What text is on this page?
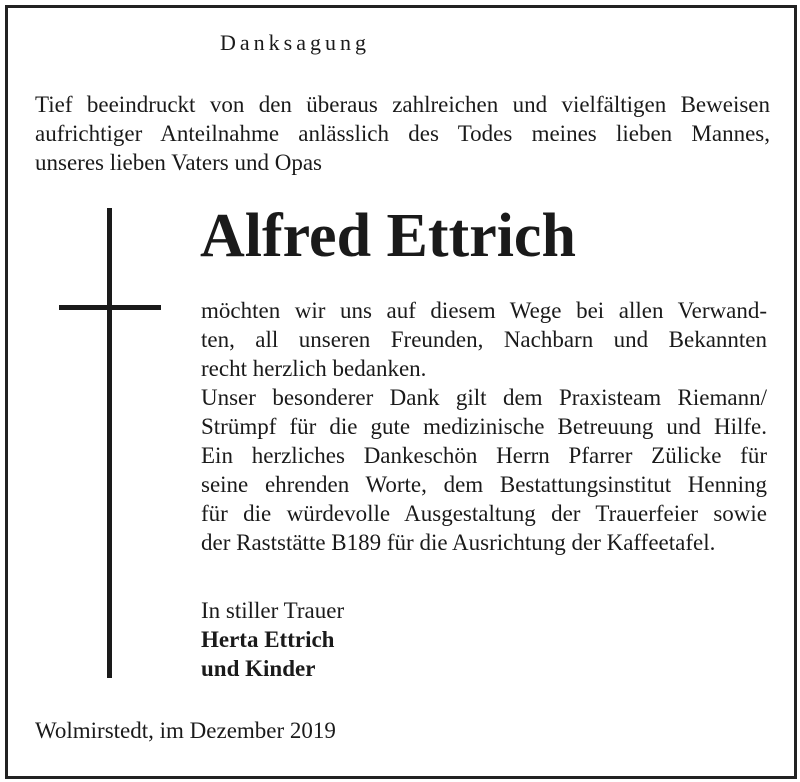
Danksagung
Tief beeindruckt von den überaus zahlreichen und vielfältigen Beweisen
aufrichtiger Anteilnahme anlässlich des Todes meines lieben Mannes,
unseres lieben Vaters und Opas
Alfred Ettrich
möchten wir uns auf diesem Wege bei allen Verwand-
ten, all unseren Freunden, Nachbarn und Bekannten
recht herzlich bedanken.
Unser besonderer Dank gilt dem Praxisteam Riemann/
Strümpf für die gute medizinische Betreuung und Hilfe.
Ein herzliches Dankeschön Herrn Pfarrer Zülicke für
seine ehrenden Worte, dem Bestattungsinstitut Henning
für die würdevolle Ausgestaltung der Trauerfeier sowie
der Raststätte B189 für die Ausrichtung der Kaffeetafel.
In stiller Trauer
Herta Ettrich
und Kinder
Wolmirstedt, im Dezember 2019
